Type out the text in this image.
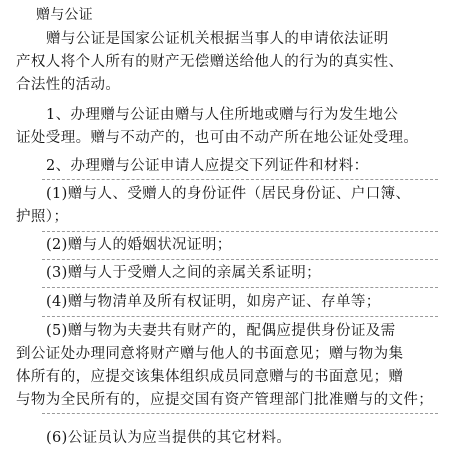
赠与公证
赠与公证是国家公证机关根据当事人的申请依法证明
产权人将个人所有的财产无偿赠送给他人的行为的真实性、
合法性的活动。
1、办理赠与公证由赠与人住所地或赠与行为发生地公
证处受理。赠与不动产的，也可由不动产所在地公证处受理。
2、办理赠与公证申请人应提交下列证件和材料：
(1)赠与人、受赠人的身份证件（居民身份证、户口簿、
护照）；
(2)赠与人的婚姻状况证明；
(3)赠与人于受赠人之间的亲属关系证明；
(4)赠与物清单及所有权证明，如房产证、存单等；
(5)赠与物为夫妻共有财产的，配偶应提供身份证及需
到公证处办理同意将财产赠与他人的书面意见；赠与物为集
体所有的，应提交该集体组织成员同意赠与的书面意见；赠
与物为全民所有的，应提交国有资产管理部门批准赠与的文件；
(6)公证员认为应当提供的其它材料。
